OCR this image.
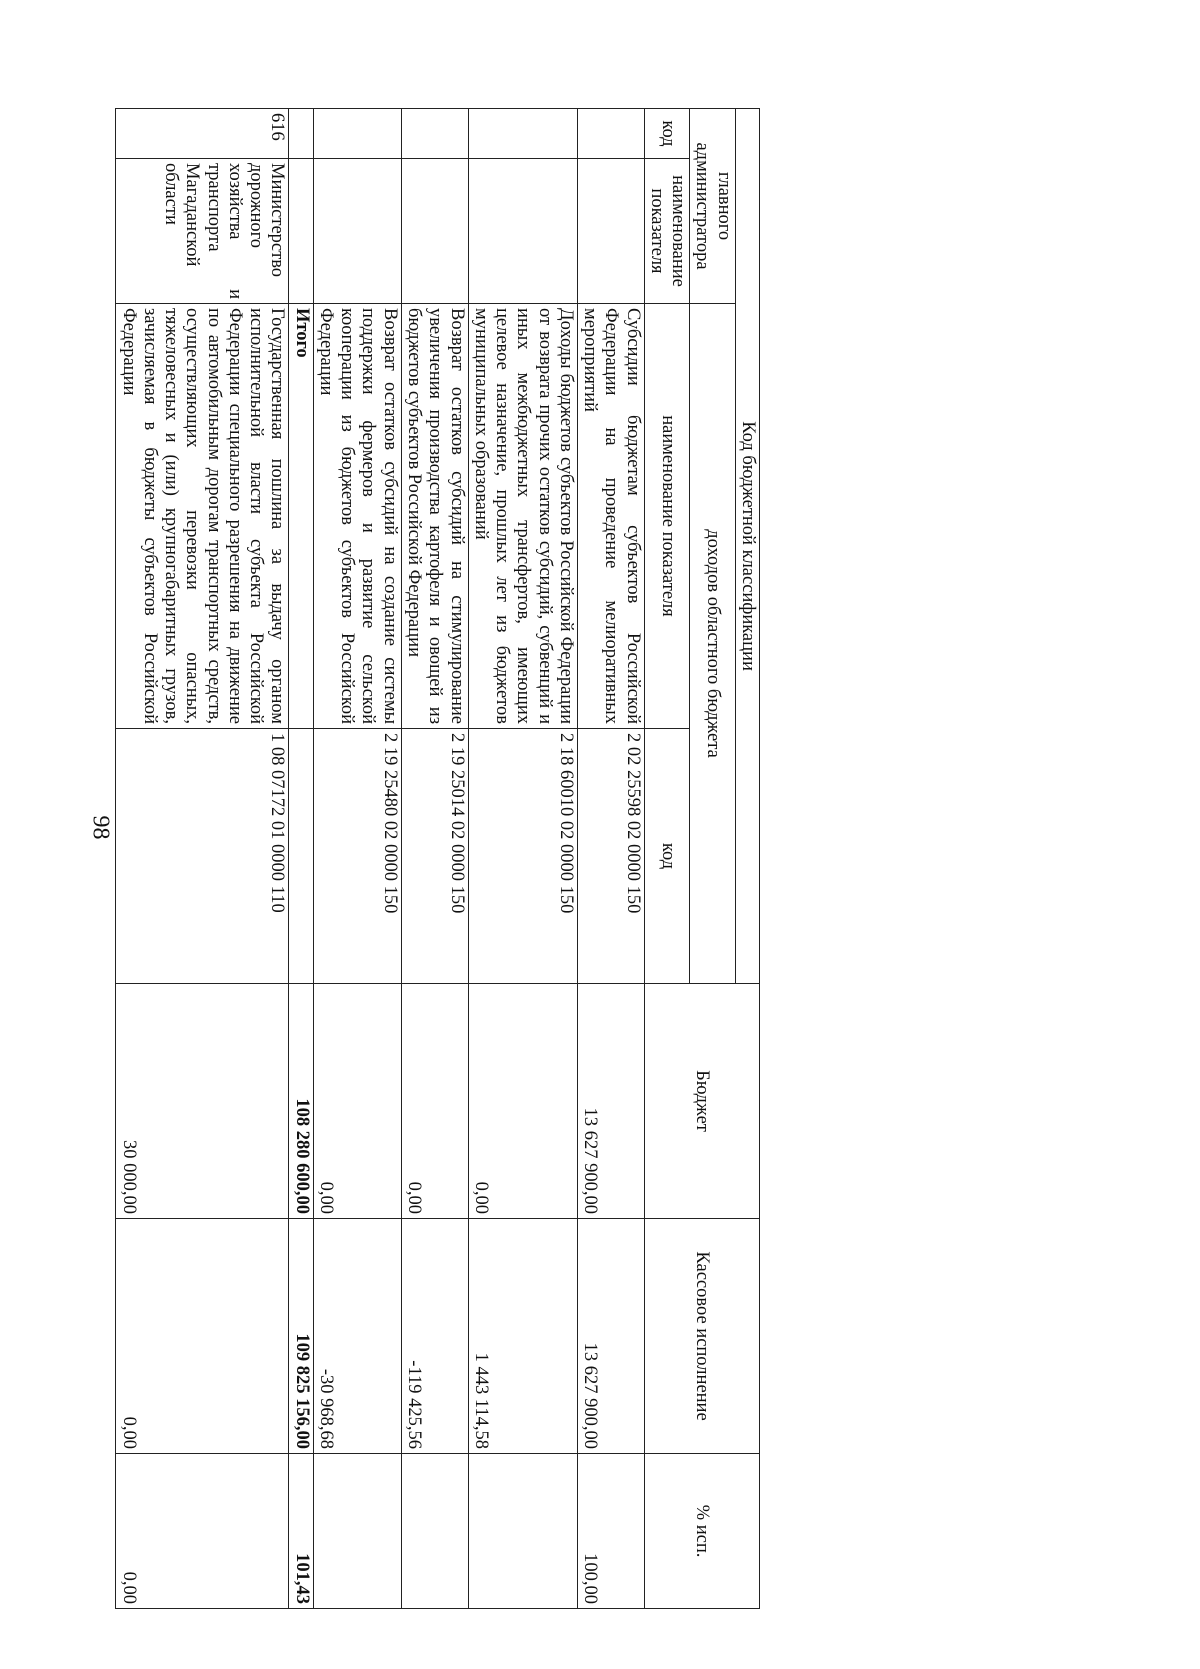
98
Код бюджетной классификации				Бюджет	Кассовое исполнение	% исп.
главного администратора		доходов областного бюджета				
код	наименование показателя	наименование показателя	код			
		Субсидии бюджетам субъектов Российской Федерации на проведение мелиоративных мероприятий	2 02 25598 02 0000 150	13 627 900,00	13 627 900,00	100,00
		Доходы бюджетов субъектов Российской Федерации от возврата прочих остатков субсидий, субвенций и иных межбюджетных трансфертов, имеющих целевое назначение, прошлых лет из бюджетов муниципальных образований	2 18 60010 02 0000 150	0,00	1 443 114,58	
		Возврат остатков субсидий на стимулирование увеличения производства картофеля и овощей из бюджетов субъектов Российской Федерации	2 19 25014 02 0000 150	0,00	-119 425,56	
		Возврат остатков субсидий на создание системы поддержки фермеров и развитие сельской кооперации из бюджетов субъектов Российской Федерации	2 19 25480 02 0000 150	0,00	-30 968,68	
		Итого		108 280 600,00	109 825 156,00	101,43
616	Министерство дорожного хозяйства и транспорта Магаданской области	Государственная пошлина за выдачу органом исполнительной власти субъекта Российской Федерации специального разрешения на движение по автомобильным дорогам транспортных средств, осуществляющих перевозки опасных, тяжеловесных и (или) крупногабаритных грузов, зачисляемая в бюджеты субъектов Российской Федерации	1 08 07172 01 0000 110	30 000,00	0,00	0,00
